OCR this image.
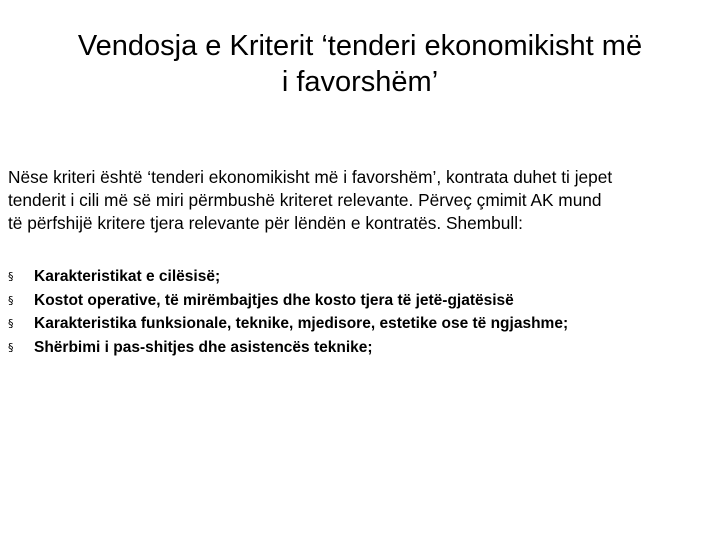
Vendosja e Kriterit ‘tenderi ekonomikisht më
i favorshëm’

Nëse kriteri është ‘tenderi ekonomikisht më i favorshëm’, kontrata duhet ti jepet
tenderit i cili më së miri përmbushë kriteret relevante. Përveç çmimit AK mund
të përfshijë kritere tjera relevante për lëndën e kontratës. Shembull:

§	Karakteristikat e cilësisë;
§	Kostot operative, të mirëmbajtjes dhe kosto tjera të jetë-gjatësisë
§	Karakteristika funksionale, teknike, mjedisore, estetike ose të ngjashme;
§	Shërbimi i pas-shitjes dhe asistencës teknike;
